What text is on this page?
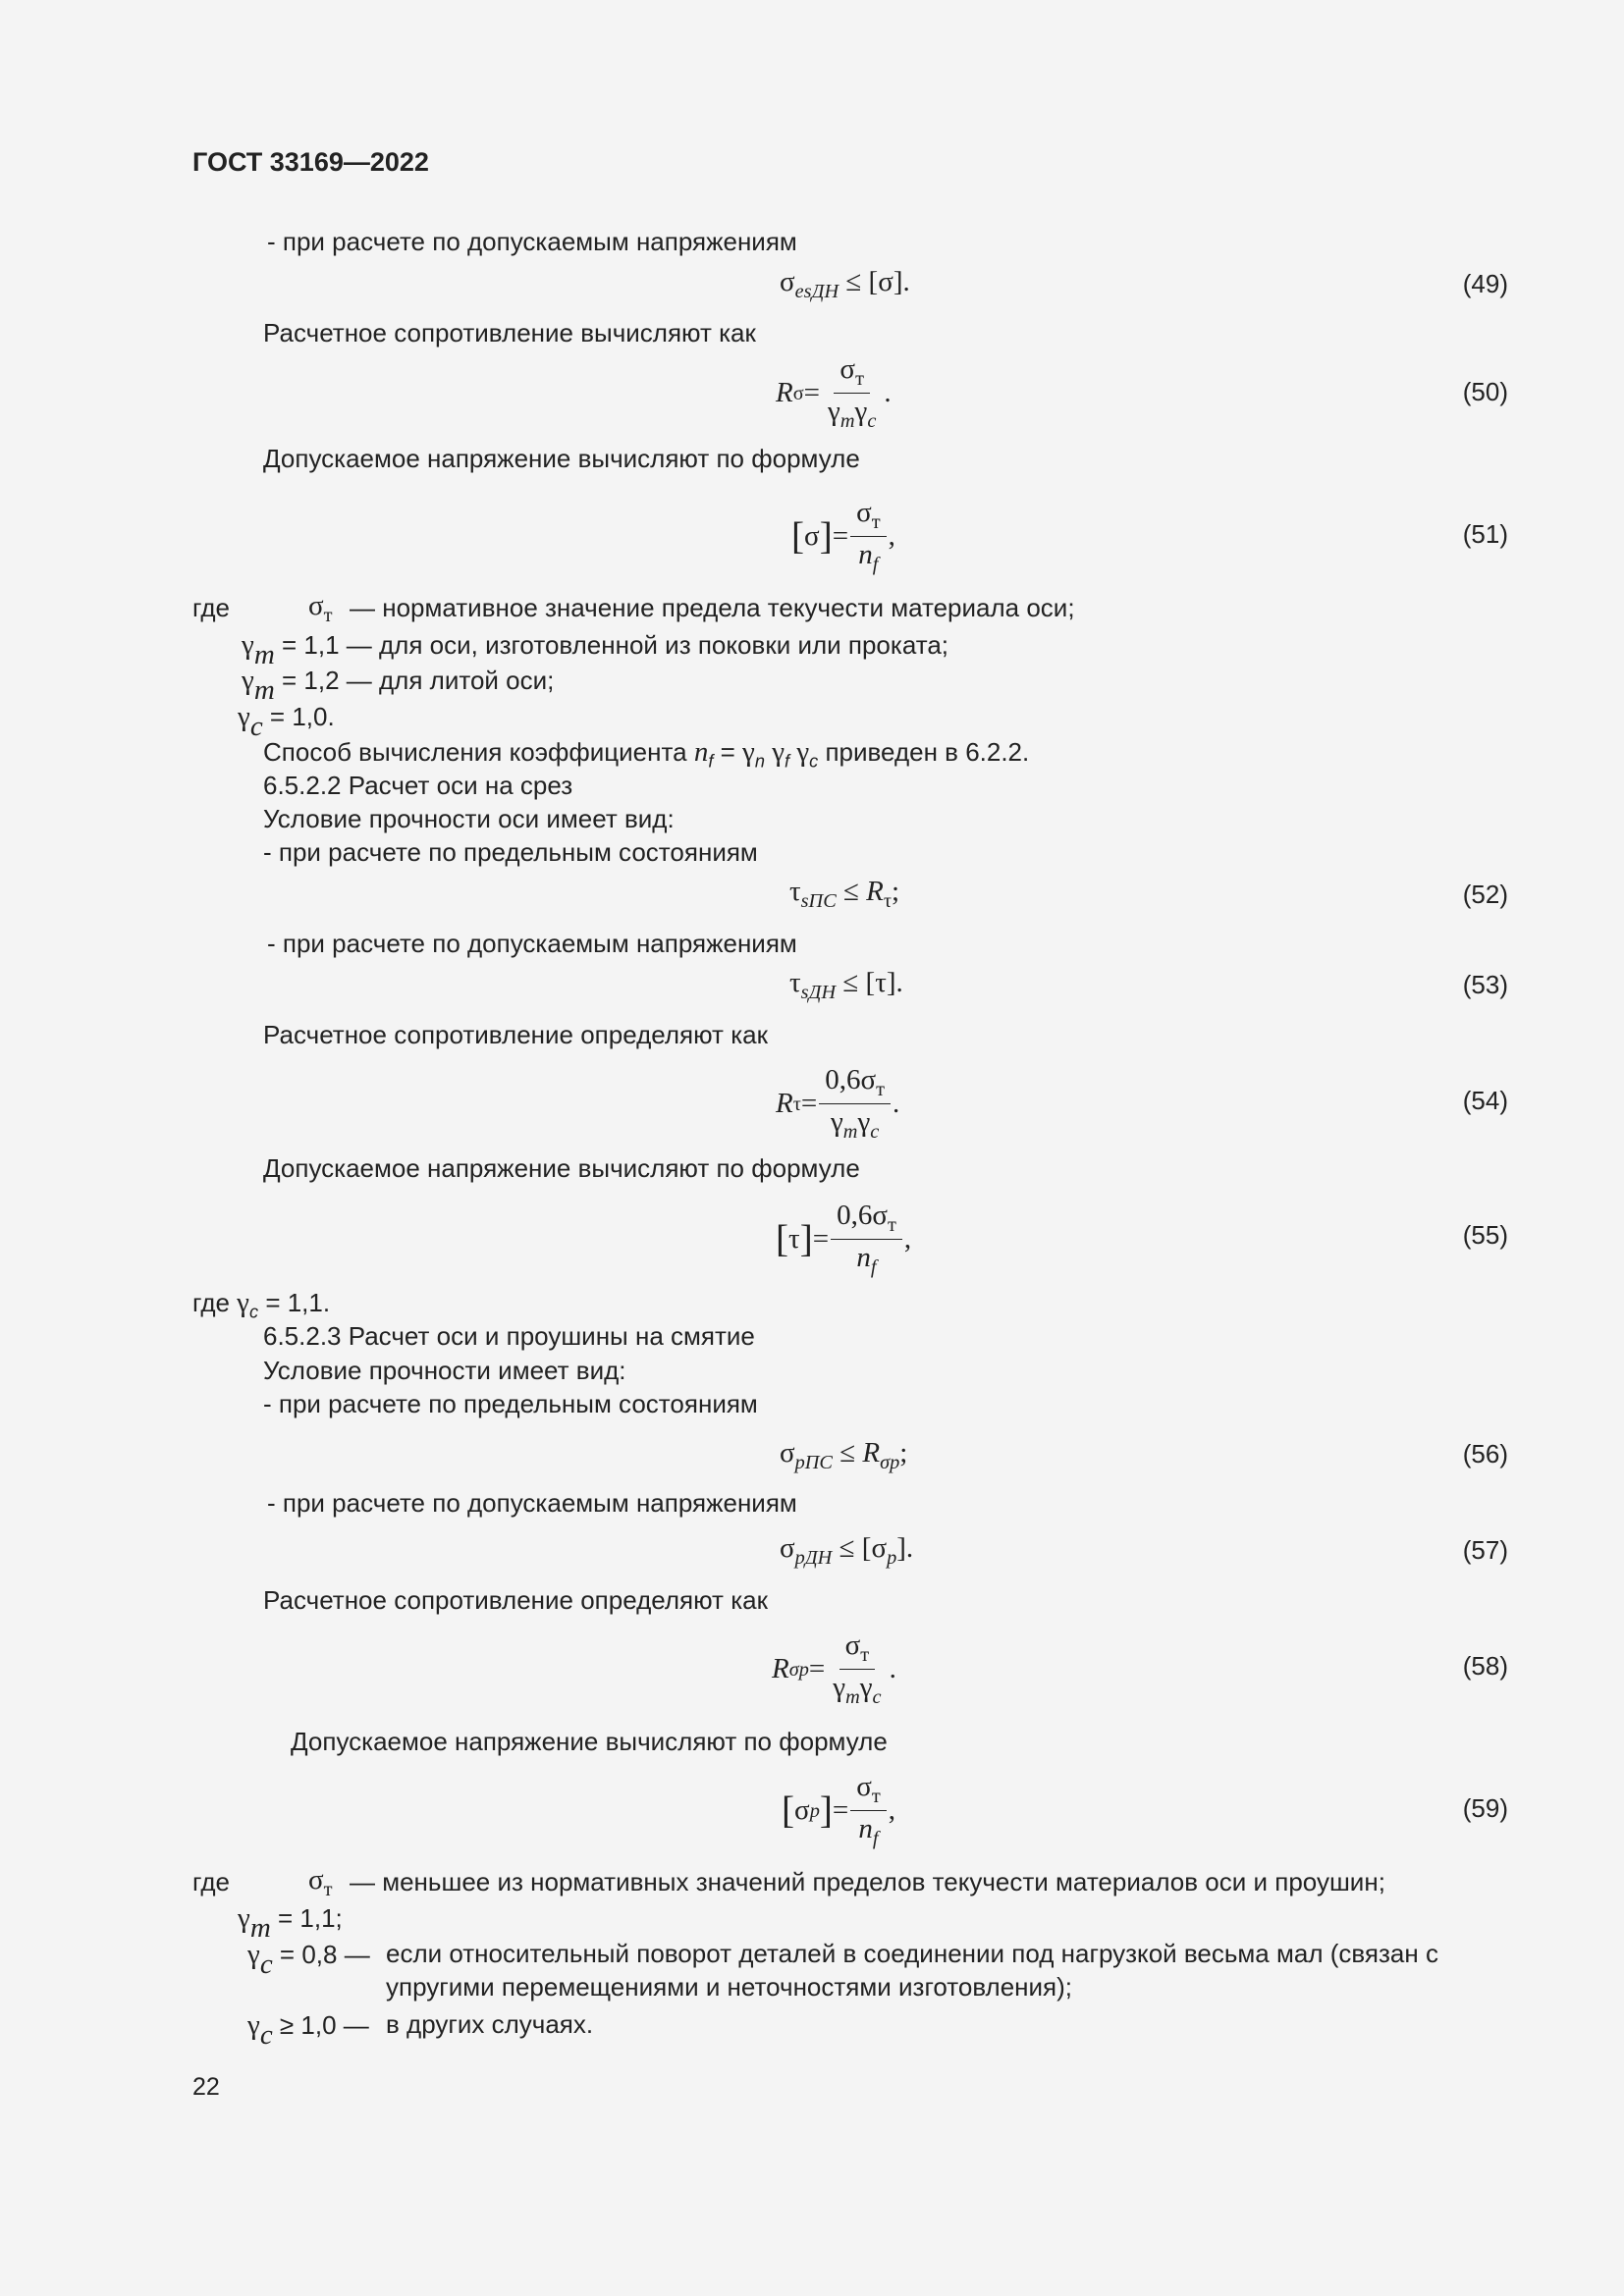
ГОСТ 33169—2022
- при расчете по допускаемым напряжениям
$\sigma_{esДН} \le [\sigma]$.	(49)
Расчетное сопротивление вычисляют как
R $\sigma = \frac{\sigma_т}{\gamma_m\gamma_c}$ .	(50)
Допускаемое напряжение вычисляют по формуле
[ σ ] = $\frac{\sigma_т}{n_f}$ ,	(51)
где	$\sigma_т$ — нормативное значение предела текучести материала оси;
$\gamma_m = 1,1$ — для оси, изготовленной из поковки или проката;
$\gamma_m = 1,2$ — для литой оси;
$\gamma_c = 1,0$.
Способ вычисления коэффициента $n_f = \gamma_n$ $\gamma_f$ $\gamma_c$ приведен в 6.2.2.
6.5.2.2 Расчет оси на срез
Условие прочности оси имеет вид:
- при расчете по предельным состояниям
$\tau_{sПС} \le R_\tau$;	(52)
- при расчете по допускаемым напряжениям
$\tau_{sДН} \le [\tau]$.	(53)
Расчетное сопротивление определяют как
R $\tau = \frac{0,6\sigma_т}{\gamma_m\gamma_c}$ .	(54)
Допускаемое напряжение вычисляют по формуле
[ τ ] = $\frac{0,6\sigma_т}{n_f}$ ,	(55)
где $\gamma_c = 1,1$.
6.5.2.3 Расчет оси и проушины на смятие
Условие прочности имеет вид:
- при расчете по предельным состояниям
$\sigma_{pПС} \le R_{\sigma p}$;	(56)
- при расчете по допускаемым напряжениям
$\sigma_{pДН} \le [\sigma_p]$.	(57)
Расчетное сопротивление определяют как
R $\sigma p = \frac{\sigma_т}{\gamma_m\gamma_c}$ .	(58)
Допускаемое напряжение вычисляют по формуле
[ σ p ] = $\frac{\sigma_т}{n_f}$ ,	(59)
где	$\sigma_т$ — меньшее из нормативных значений пределов текучести материалов оси и проушин;
$\gamma_m = 1,1$;
$\gamma_c = 0,8$ — если относительный поворот деталей в соединении под нагрузкой весьма мал (связан с упругими перемещениями и неточностями изготовления);
$\gamma_c \ge 1,0$ — в других случаях.
22
